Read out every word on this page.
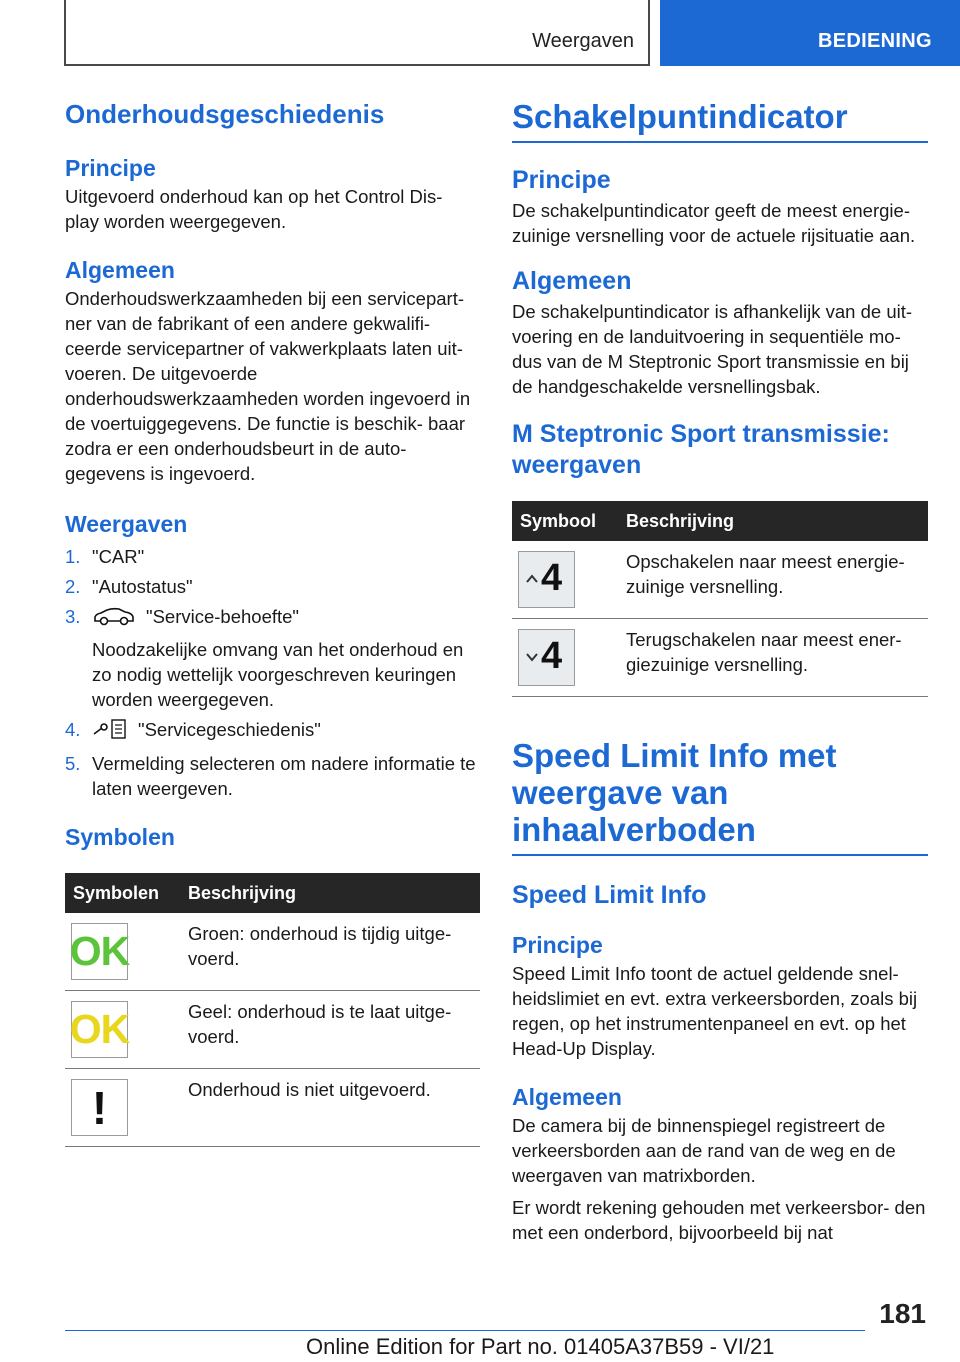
Weergaven	BEDIENING
Onderhoudsgeschiedenis
Principe

Uitgevoerd onderhoud kan op het Control Dis‐ play worden weergegeven.

Algemeen

Onderhoudswerkzaamheden bij een servicepart‐ ner van de fabrikant of een andere gekwalifi‐ ceerde servicepartner of vakwerkplaats laten uit‐ voeren. De uitgevoerde onderhoudswerkzaamheden worden ingevoerd in de voertuiggegevens. De functie is beschik‐ baar zodra er een onderhoudsbeurt in de auto‐ gegevens is ingevoerd.

Weergaven
1. "CAR"
2. "Autostatus"
3.	"Service-behoefte"
Noodzakelijke omvang van het onderhoud en zo nodig wettelijk voorgeschreven keuringen worden weergegeven.
4.	"Servicegeschiedenis"
5. Vermelding selecteren om nadere informatie te laten weergeven.
Symbolen
Symbolen	Beschrijving

OK	Groen: onderhoud is tijdig uitge‐ voerd.

OK	Geel: onderhoud is te laat uitge‐ voerd.

!	Onderhoud is niet uitgevoerd.
Schakelpuntindicator
Principe

De schakelpuntindicator geeft de meest energie‐ zuinige versnelling voor de actuele rijsituatie aan.

Algemeen

De schakelpuntindicator is afhankelijk van de uit‐ voering en de landuitvoering in sequentiële mo‐ dus van de M Steptronic Sport transmissie en bij de handgeschakelde versnellingsbak.

M Steptronic Sport transmissie: weergaven
Symbool	Beschrijving

4	Opschakelen naar meest energie‐ zuinige versnelling.

4	Terugschakelen naar meest ener‐ giezuinige versnelling.
Speed Limit Info met weergave van inhaalverboden
Speed Limit Info
Principe

Speed Limit Info toont de actuel geldende snel‐ heidslimiet en evt. extra verkeersborden, zoals bij regen, op het instrumentenpaneel en evt. op het Head-Up Display.

Algemeen

De camera bij de binnenspiegel registreert de verkeersborden aan de rand van de weg en de weergaven van matrixborden.

Er wordt rekening gehouden met verkeersbor‐ den met een onderbord, bijvoorbeeld bij nat

181
Online Edition for Part no. 01405A37B59 - VI/21
